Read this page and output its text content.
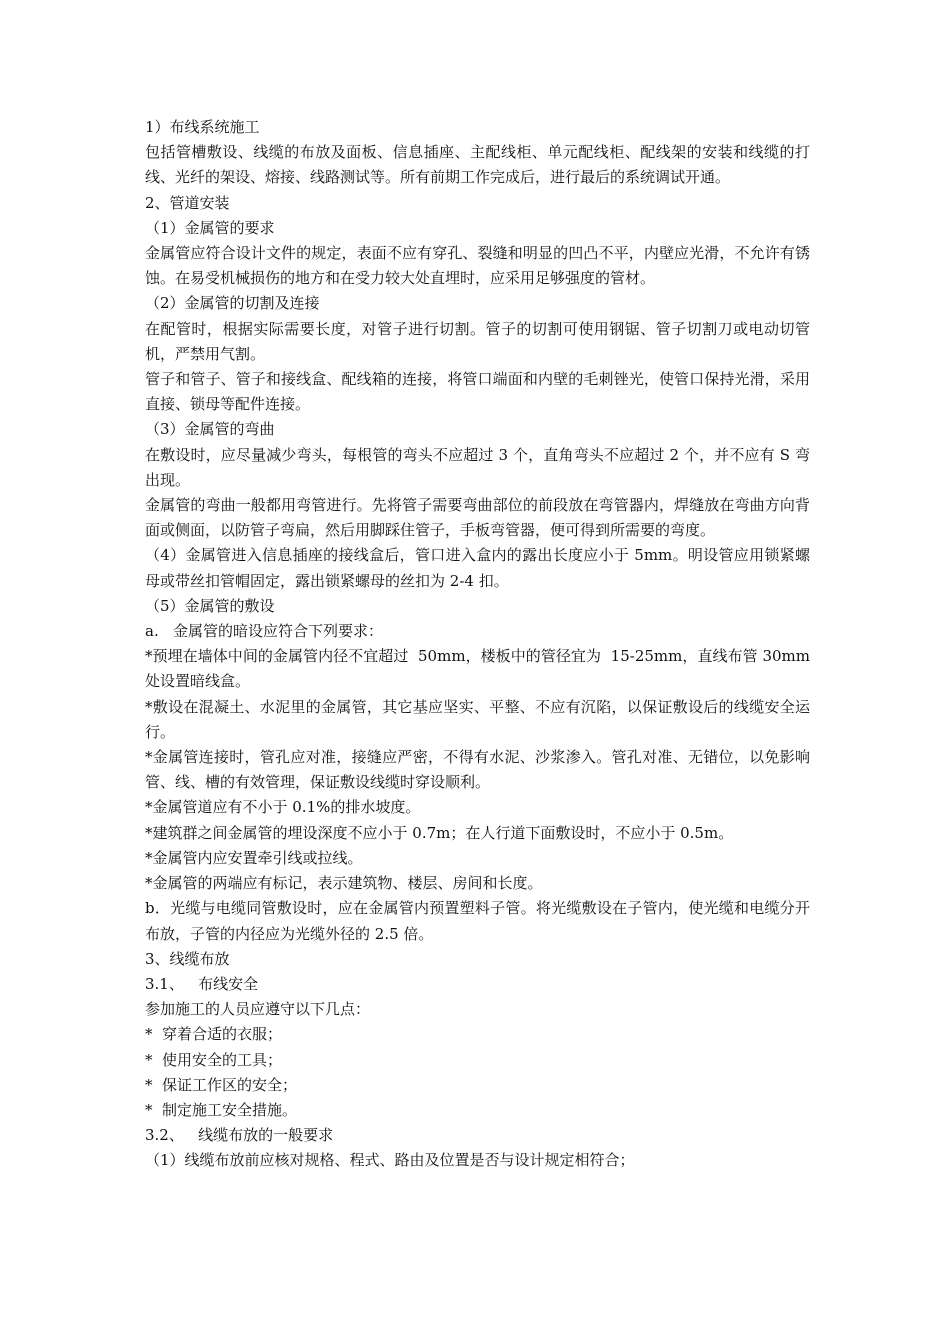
1）布线系统施工

包括管槽敷设、线缆的布放及面板、信息插座、主配线柜、单元配线柜、配线架的安装和线缆的打线、光纤的架设、熔接、线路测试等。所有前期工作完成后，进行最后的系统调试开通。

2、管道安装

（1）金属管的要求

金属管应符合设计文件的规定，表面不应有穿孔、裂缝和明显的凹凸不平，内壁应光滑，不允许有锈蚀。在易受机械损伤的地方和在受力较大处直埋时，应采用足够强度的管材。

（2）金属管的切割及连接

在配管时，根据实际需要长度，对管子进行切割。管子的切割可使用钢锯、管子切割刀或电动切管机，严禁用气割。

管子和管子、管子和接线盒、配线箱的连接，将管口端面和内壁的毛刺锉光，使管口保持光滑，采用直接、锁母等配件连接。

（3）金属管的弯曲

在敷设时，应尽量减少弯头，每根管的弯头不应超过 3 个，直角弯头不应超过 2 个，并不应有 S 弯出现。

金属管的弯曲一般都用弯管进行。先将管子需要弯曲部位的前段放在弯管器内，焊缝放在弯曲方向背面或侧面，以防管子弯扁，然后用脚踩住管子，手板弯管器，便可得到所需要的弯度。

（4）金属管进入信息插座的接线盒后，管口进入盒内的露出长度应小于 5mm。明设管应用锁紧螺母或带丝扣管帽固定，露出锁紧螺母的丝扣为 2-4 扣。

（5）金属管的敷设

a.   金属管的暗设应符合下列要求：

*预埋在墙体中间的金属管内径不宜超过  50mm，楼板中的管径宜为  15-25mm，直线布管 30mm 处设置暗线盒。

*敷设在混凝土、水泥里的金属管，其它基应坚实、平整、不应有沉陷，以保证敷设后的线缆安全运行。

*金属管连接时，管孔应对准，接缝应严密，不得有水泥、沙浆渗入。管孔对准、无错位，以免影响管、线、槽的有效管理，保证敷设线缆时穿设顺利。

*金属管道应有不小于 0.1%的排水坡度。

*建筑群之间金属管的埋设深度不应小于 0.7m；在人行道下面敷设时，不应小于 0.5m。

*金属管内应安置牵引线或拉线。

*金属管的两端应有标记，表示建筑物、楼层、房间和长度。

b．光缆与电缆同管敷设时，应在金属管内预置塑料子管。将光缆敷设在子管内，使光缆和电缆分开布放，子管的内径应为光缆外径的 2.5 倍。

3、线缆布放

3.1、   布线安全

参加施工的人员应遵守以下几点：

*  穿着合适的衣服；

*  使用安全的工具；

*  保证工作区的安全；

*  制定施工安全措施。

3.2、   线缆布放的一般要求

（1）线缆布放前应核对规格、程式、路由及位置是否与设计规定相符合；
